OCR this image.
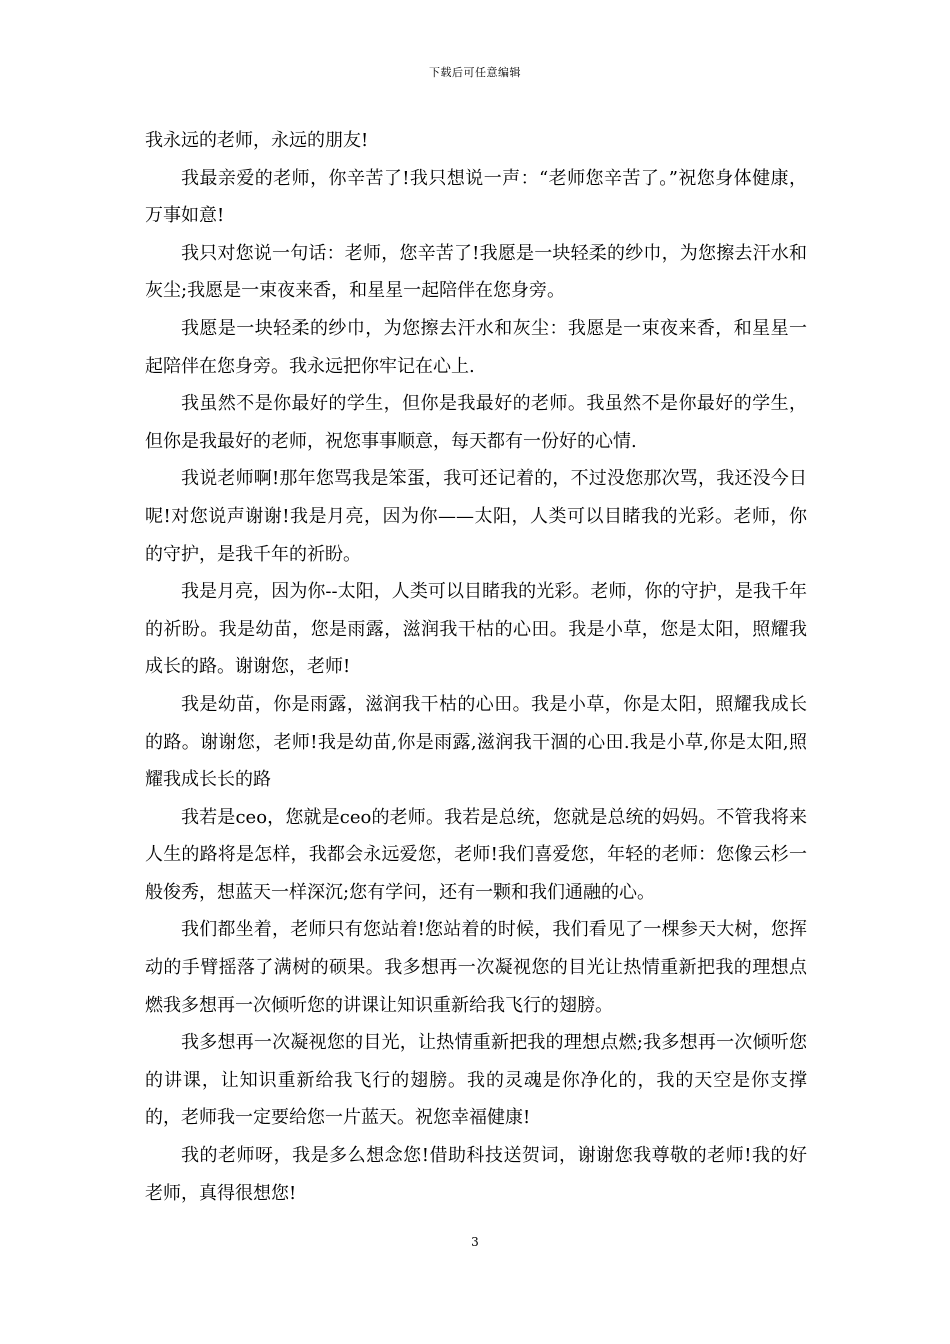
下载后可任意编辑

我永远的老师，永远的朋友!

我最亲爱的老师，你辛苦了!我只想说一声：“老师您辛苦了。”祝您身体健康，万事如意!

我只对您说一句话：老师，您辛苦了!我愿是一块轻柔的纱巾，为您擦去汗水和灰尘;我愿是一束夜来香，和星星一起陪伴在您身旁。

我愿是一块轻柔的纱巾，为您擦去汗水和灰尘：我愿是一束夜来香，和星星一起陪伴在您身旁。我永远把你牢记在心上.

我虽然不是你最好的学生，但你是我最好的老师。我虽然不是你最好的学生，但你是我最好的老师，祝您事事顺意，每天都有一份好的心情.

我说老师啊!那年您骂我是笨蛋，我可还记着的，不过没您那次骂，我还没今日呢!对您说声谢谢!我是月亮，因为你——太阳，人类可以目睹我的光彩。老师，你的守护，是我千年的祈盼。

我是月亮，因为你--太阳，人类可以目睹我的光彩。老师，你的守护，是我千年的祈盼。我是幼苗，您是雨露，滋润我干枯的心田。我是小草，您是太阳，照耀我成长的路。谢谢您，老师!

我是幼苗，你是雨露，滋润我干枯的心田。我是小草，你是太阳，照耀我成长的路。谢谢您，老师!我是幼苗,你是雨露,滋润我干涸的心田.我是小草,你是太阳,照耀我成长长的路

我若是ceo，您就是ceo的老师。我若是总统，您就是总统的妈妈。不管我将来人生的路将是怎样，我都会永远爱您，老师!我们喜爱您，年轻的老师：您像云杉一般俊秀，想蓝天一样深沉;您有学问，还有一颗和我们通融的心。

我们都坐着，老师只有您站着!您站着的时候，我们看见了一棵参天大树，您挥动的手臂摇落了满树的硕果。我多想再一次凝视您的目光让热情重新把我的理想点燃我多想再一次倾听您的讲课让知识重新给我飞行的翅膀。

我多想再一次凝视您的目光，让热情重新把我的理想点燃;我多想再一次倾听您的讲课，让知识重新给我飞行的翅膀。我的灵魂是你净化的，我的天空是你支撑的，老师我一定要给您一片蓝天。祝您幸福健康!

我的老师呀，我是多么想念您!借助科技送贺词，谢谢您我尊敬的老师!我的好老师，真得很想您!

3
